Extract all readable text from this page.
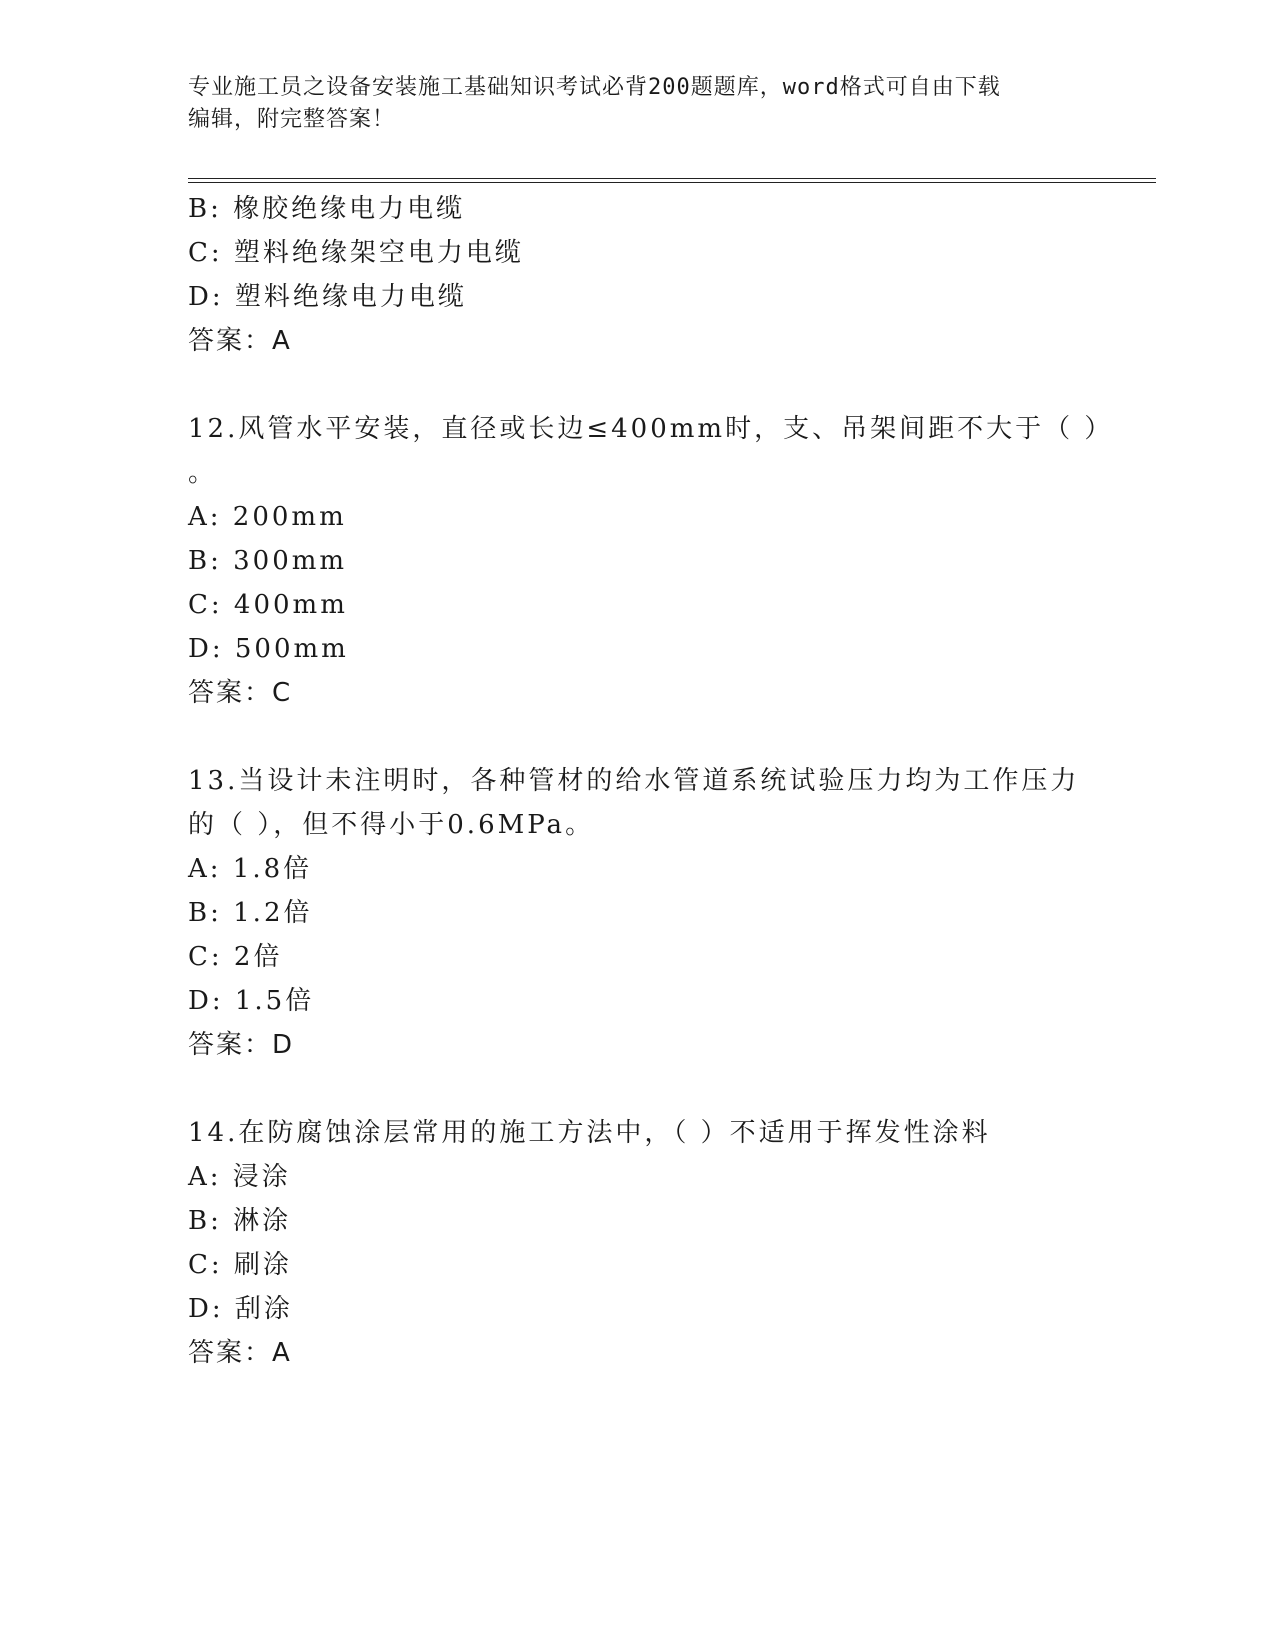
专业施工员之设备安装施工基础知识考试必背200题题库，word格式可自由下载
编辑，附完整答案！
B: 橡胶绝缘电力电缆
C: 塑料绝缘架空电力电缆
D: 塑料绝缘电力电缆
答案：A
12.风管水平安装，直径或长边≤400mm时，支、吊架间距不大于（ ）
。
A: 200mm
B: 300mm
C: 400mm
D: 500mm
答案：C
13.当设计未注明时，各种管材的给水管道系统试验压力均为工作压力
的（ ），但不得小于0.6MPa。
A: 1.8倍
B: 1.2倍
C: 2倍
D: 1.5倍
答案：D
14.在防腐蚀涂层常用的施工方法中，（ ）不适用于挥发性涂料
A: 浸涂
B: 淋涂
C: 刷涂
D: 刮涂
答案：A
